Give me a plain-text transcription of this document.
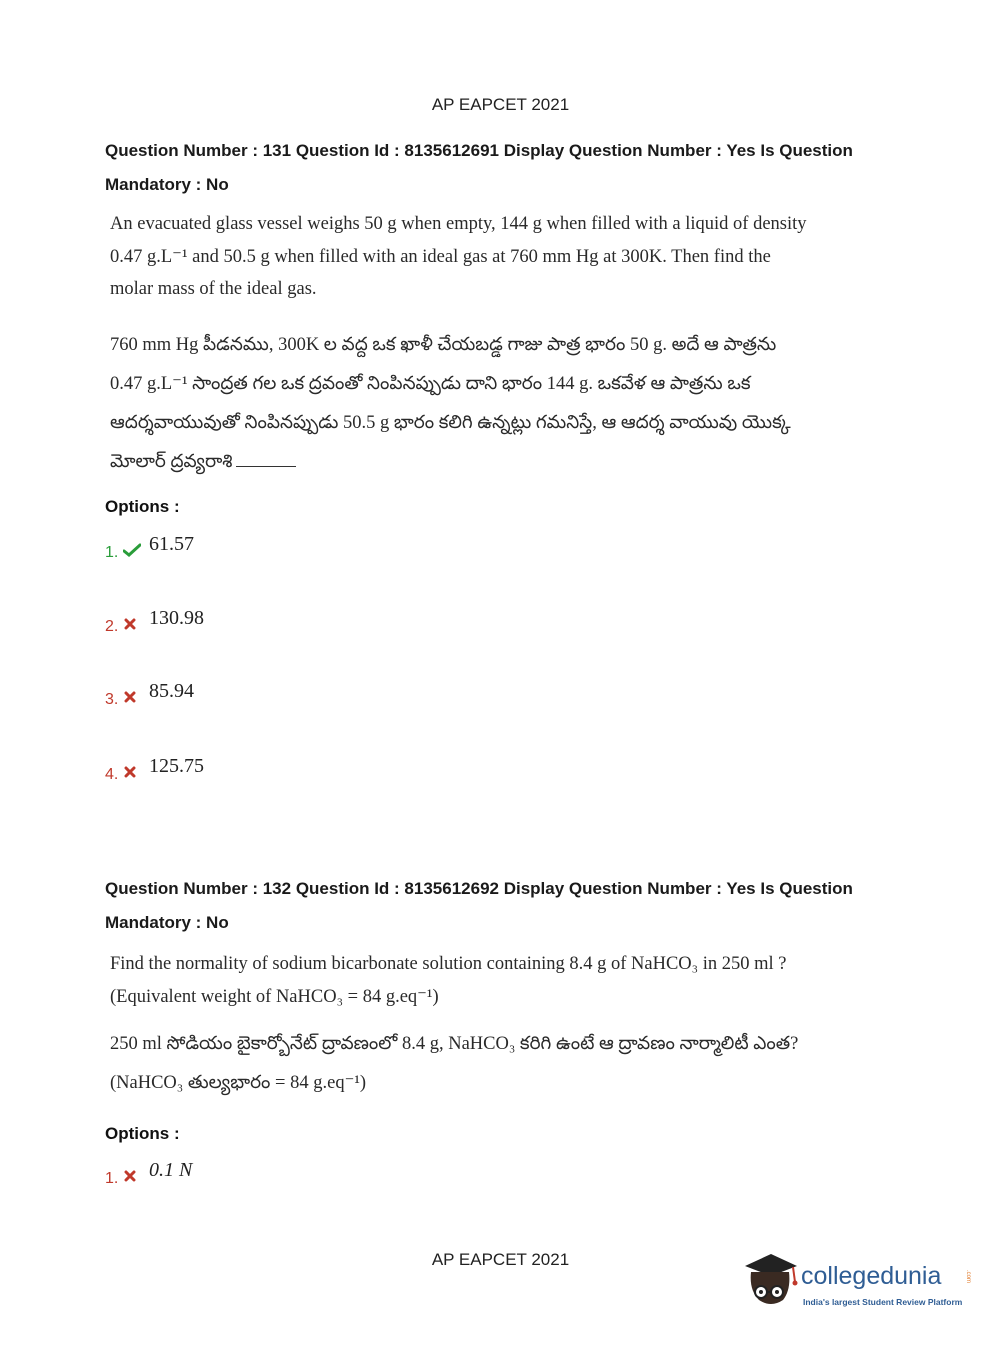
AP EAPCET 2021
Question Number : 131 Question Id : 8135612691 Display Question Number : Yes Is Question
Mandatory : No

An evacuated glass vessel weighs 50 g when empty, 144 g when filled with a liquid of density

0.47 g.L⁻¹ and 50.5 g when filled with an ideal gas at 760 mm Hg at 300K. Then find the

molar mass of the ideal gas.

760 mm Hg పీడనము, 300K ల వద్ద ఒక ఖాళీ చేయబడ్డ గాజు పాత్ర భారం 50 g. అదే ఆ పాత్రను

0.47 g.L⁻¹ సాంద్రత గల ఒక ద్రవంతో నింపినప్పుడు దాని భారం 144 g. ఒకవేళ ఆ పాత్రను ఒక

ఆదర్శవాయువుతో నింపినప్పుడు 50.5 g భారం కలిగి ఉన్నట్లు గమనిస్తే, ఆ ఆదర్శ వాయువు యొక్క

మోలార్ ద్రవ్యరాశి

Options :
1. 61.57
2. 130.98
3. 85.94
4. 125.75
Question Number : 132 Question Id : 8135612692 Display Question Number : Yes Is Question
Mandatory : No

Find the normality of sodium bicarbonate solution containing 8.4 g of NaHCO₃ in 250 ml ?

(Equivalent weight of NaHCO₃ = 84 g.eq⁻¹)

250 ml సోడియం బైకార్బోనేట్ ద్రావణంలో 8.4 g, NaHCO₃ కరిగి ఉంటే ఆ ద్రావణం నార్మాలిటీ ఎంత?

(NaHCO₃ తుల్యభారం = 84 g.eq⁻¹)

Options :
1. 0.1 N
AP EAPCET 2021
collegedunia	.com
India's largest Student Review Platform
